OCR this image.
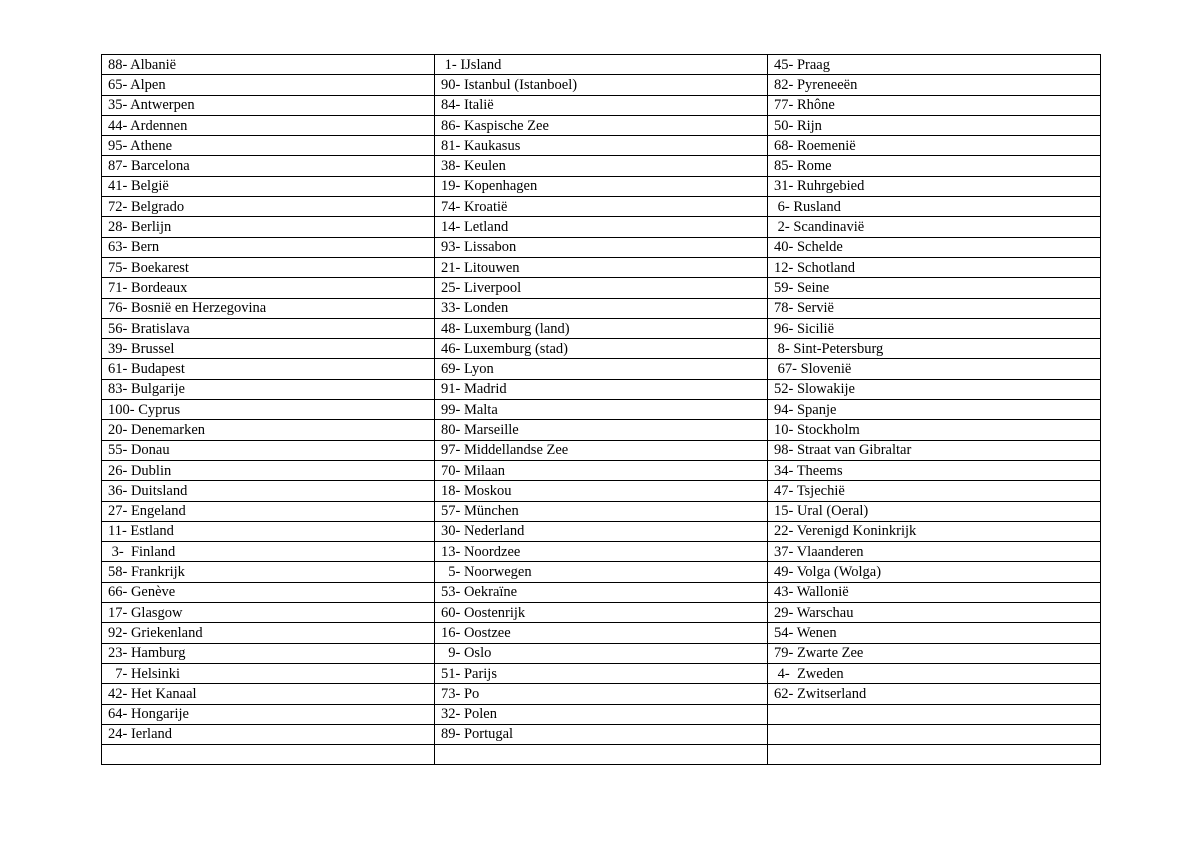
88- Albanië	1- IJsland	45- Praag
65- Alpen	90- Istanbul (Istanboel)	82- Pyreneeën
35- Antwerpen	84- Italië	77- Rhône
44- Ardennen	86- Kaspische Zee	50- Rijn
95- Athene	81- Kaukasus	68- Roemenië
87- Barcelona	38- Keulen	85- Rome
41- België	19- Kopenhagen	31- Ruhrgebied
72- Belgrado	74- Kroatië	6- Rusland
28- Berlijn	14- Letland	2- Scandinavië
63- Bern	93- Lissabon	40- Schelde
75- Boekarest	21- Litouwen	12- Schotland
71- Bordeaux	25- Liverpool	59- Seine
76- Bosnië en Herzegovina	33- Londen	78- Servië
56- Bratislava	48- Luxemburg (land)	96- Sicilië
39- Brussel	46- Luxemburg (stad)	8- Sint-Petersburg
61- Budapest	69- Lyon	67- Slovenië
83- Bulgarije	91- Madrid	52- Slowakije
100- Cyprus	99- Malta	94- Spanje
20- Denemarken	80- Marseille	10- Stockholm
55- Donau	97- Middellandse Zee	98- Straat van Gibraltar
26- Dublin	70- Milaan	34- Theems
36- Duitsland	18- Moskou	47- Tsjechië
27- Engeland	57- München	15- Ural (Oeral)
11- Estland	30- Nederland	22- Verenigd Koninkrijk
3-  Finland	13- Noordzee	37- Vlaanderen
58- Frankrijk	5- Noorwegen	49- Volga (Wolga)
66- Genève	53- Oekraïne	43- Wallonië
17- Glasgow	60- Oostenrijk	29- Warschau
92- Griekenland	16- Oostzee	54- Wenen
23- Hamburg	9- Oslo	79- Zwarte Zee
7- Helsinki	51- Parijs	4-  Zweden
42- Het Kanaal	73- Po	62- Zwitserland
64- Hongarije	32- Polen	
24- Ierland	89- Portugal	
